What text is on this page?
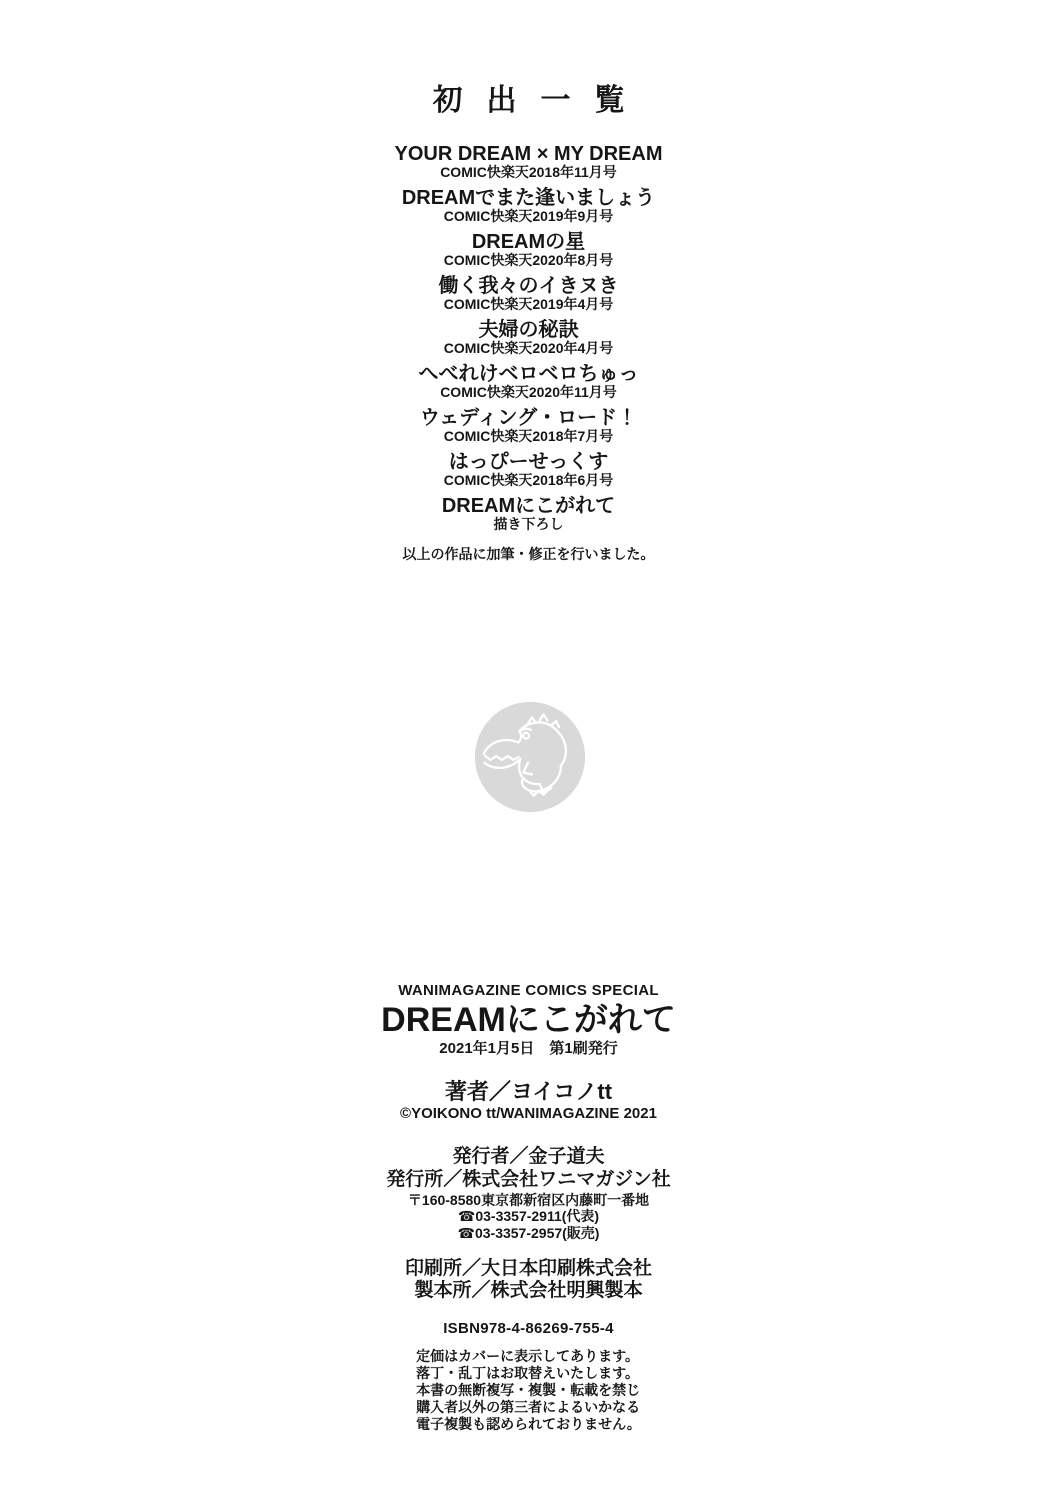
初出一覧
YOUR DREAM × MY DREAM
COMIC快楽天2018年11月号
DREAMでまた逢いましょう
COMIC快楽天2019年9月号
DREAMの星
COMIC快楽天2020年8月号
働く我々のイきヌき
COMIC快楽天2019年4月号
夫婦の秘訣
COMIC快楽天2020年4月号
へべれけベロベロちゅっ
COMIC快楽天2020年11月号
ウェディング・ロード！
COMIC快楽天2018年7月号
はっぴーせっくす
COMIC快楽天2018年6月号
DREAMにこがれて
描き下ろし
以上の作品に加筆・修正を行いました。
WANIMAGAZINE COMICS SPECIAL
DREAMにこがれて
2021年1月5日　第1刷発行
著者／ヨイコノtt
©YOIKONO tt/WANIMAGAZINE 2021
発行者／金子道夫
発行所／株式会社ワニマガジン社
〒160-8580東京都新宿区内藤町一番地
☎03-3357-2911(代表)
☎03-3357-2957(販売)
印刷所／大日本印刷株式会社
製本所／株式会社明興製本
ISBN978-4-86269-755-4
定価はカバーに表示してあります。
落丁・乱丁はお取替えいたします。
本書の無断複写・複製・転載を禁じ
購入者以外の第三者によるいかなる
電子複製も認められておりません。
